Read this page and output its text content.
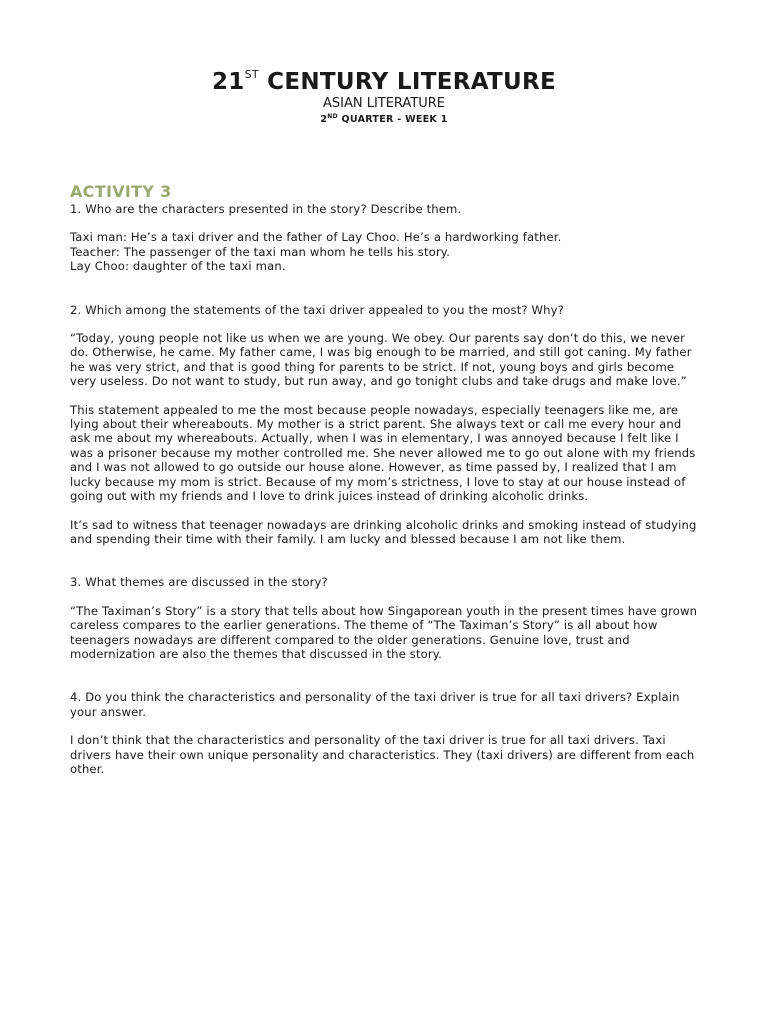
21ST CENTURY LITERATURE
ASIAN LITERATURE
2ND QUARTER - WEEK 1
ACTIVITY 3

1. Who are the characters presented in the story? Describe them.

Taxi man: He’s a taxi driver and the father of Lay Choo. He’s a hardworking father.

Teacher: The passenger of the taxi man whom he tells his story.

Lay Choo: daughter of the taxi man.

2. Which among the statements of the taxi driver appealed to you the most? Why?

“Today, young people not like us when we are young. We obey. Our parents say don‘t do this, we never do. Otherwise, he came. My father came, I was big enough to be married, and still got caning. My father he was very strict, and that is good thing for parents to be strict. If not, young boys and girls become very useless. Do not want to study, but run away, and go tonight clubs and take drugs and make love.”

This statement appealed to me the most because people nowadays, especially teenagers like me, are lying about their whereabouts. My mother is a strict parent. She always text or call me every hour and ask me about my whereabouts. Actually, when I was in elementary, I was annoyed because I felt like I was a prisoner because my mother controlled me. She never allowed me to go out alone with my friends and I was not allowed to go outside our house alone. However, as time passed by, I realized that I am lucky because my mom is strict. Because of my mom’s strictness, I love to stay at our house instead of going out with my friends and I love to drink juices instead of drinking alcoholic drinks.

It’s sad to witness that teenager nowadays are drinking alcoholic drinks and smoking instead of studying and spending their time with their family. I am lucky and blessed because I am not like them.

3. What themes are discussed in the story?

“The Taximan’s Story” is a story that tells about how Singaporean youth in the present times have grown careless compares to the earlier generations. The theme of “The Taximan’s Story” is all about how teenagers nowadays are different compared to the older generations. Genuine love, trust and modernization are also the themes that discussed in the story.

4. Do you think the characteristics and personality of the taxi driver is true for all taxi drivers? Explain your answer.

I don’t think that the characteristics and personality of the taxi driver is true for all taxi drivers. Taxi drivers have their own unique personality and characteristics. They (taxi drivers) are different from each other.
